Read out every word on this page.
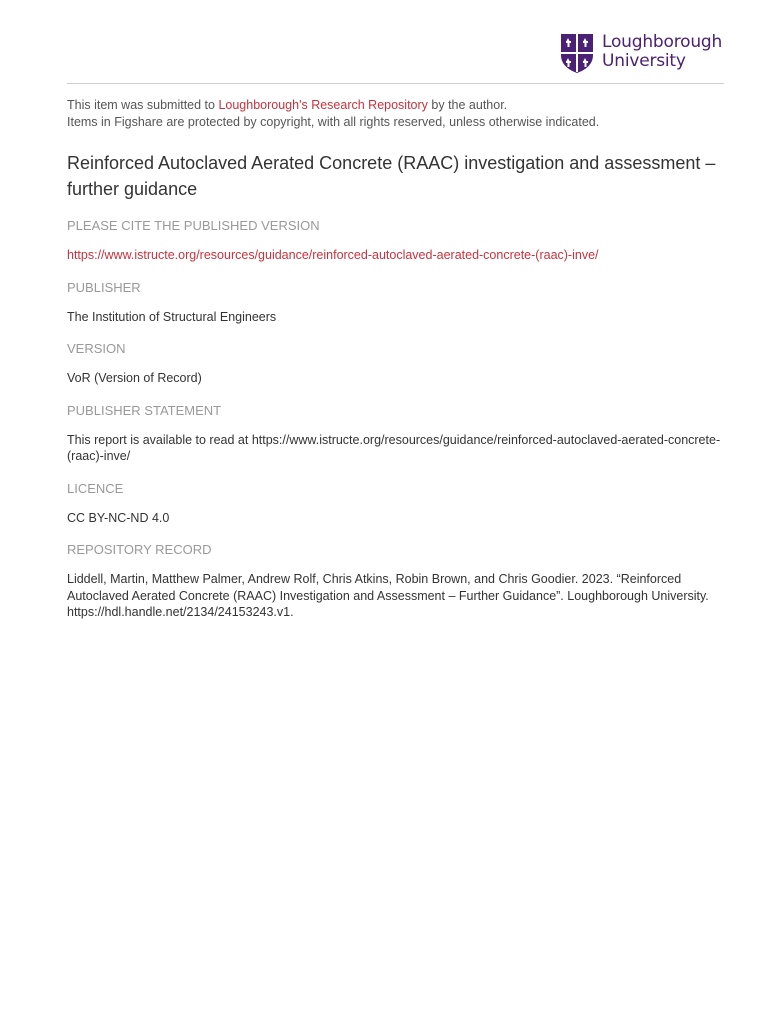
Loughborough
University

This item was submitted to Loughborough's Research Repository by the author.

Items in Figshare are protected by copyright, with all rights reserved, unless otherwise indicated.

Reinforced Autoclaved Aerated Concrete (RAAC) investigation and assessment – further guidance

PLEASE CITE THE PUBLISHED VERSION

https://www.istructe.org/resources/guidance/reinforced-autoclaved-aerated-concrete-(raac)-inve/

PUBLISHER

The Institution of Structural Engineers

VERSION

VoR (Version of Record)

PUBLISHER STATEMENT

This report is available to read at https://www.istructe.org/resources/guidance/reinforced-autoclaved-aerated-concrete-(raac)-inve/

LICENCE

CC BY-NC-ND 4.0

REPOSITORY RECORD

Liddell, Martin, Matthew Palmer, Andrew Rolf, Chris Atkins, Robin Brown, and Chris Goodier. 2023. “Reinforced Autoclaved Aerated Concrete (RAAC) Investigation and Assessment – Further Guidance”. Loughborough University. https://hdl.handle.net/2134/24153243.v1.
